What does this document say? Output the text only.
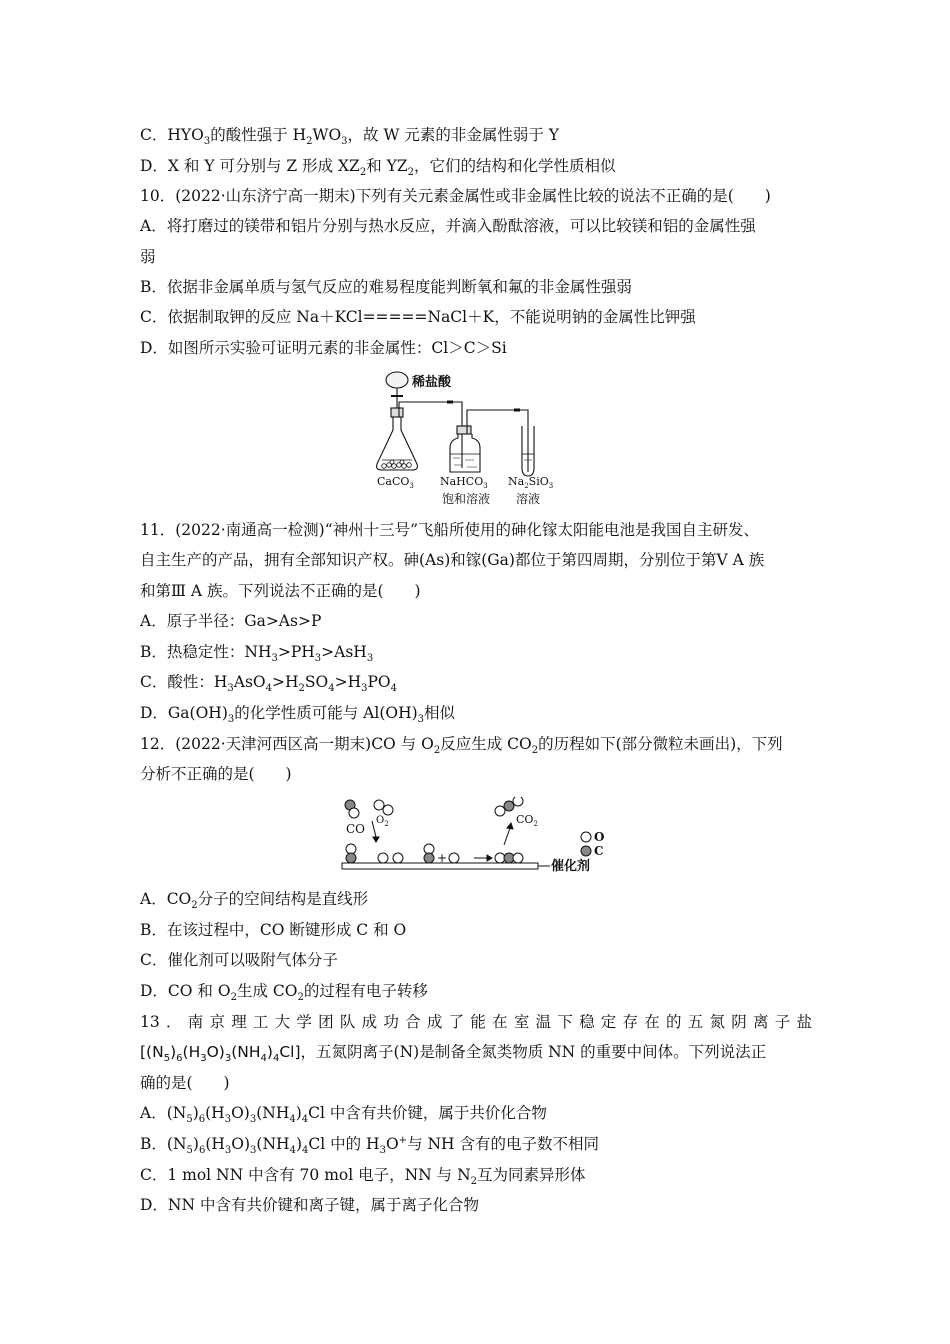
C．$HYO_3$的酸性强于 $H_2WO_3$，故 W 元素的非金属性弱于 Y
D．X 和 Y 可分别与 Z 形成 $XZ_2$和 $YZ_2$，它们的结构和化学性质相似
10．(2022·山东济宁高一期末)下列有关元素金属性或非金属性比较的说法不正确的是(　　)
A．将打磨过的镁带和铝片分别与热水反应，并滴入酚酞溶液，可以比较镁和铝的金属性强
弱
B．依据非金属单质与氢气反应的难易程度能判断氧和氟的非金属性强弱
C．依据制取钾的反应 Na＋KCl=====NaCl＋K，不能说明钠的金属性比钾强
D．如图所示实验可证明元素的非金属性：Cl＞C＞Si
稀盐酸
CaCO$_3$ NaHCO$_3$
饱和溶液
$Na_2SiO_3$
溶液
11．(2022·南通高一检测)“神州十三号”飞船所使用的砷化镓太阳能电池是我国自主研发、
自主生产的产品，拥有全部知识产权。砷(As)和镓(Ga)都位于第四周期，分别位于第Ⅴ A 族
和第Ⅲ A 族。下列说法不正确的是(　　)
A．原子半径：Ga>As>P
B．热稳定性：$NH_3>PH_3>AsH_3$
C．酸性：$H_3AsO_4>H_2SO_4>H_3PO_4$
D．$Ga(OH)_3$的化学性质可能与 $Al(OH)_3$相似
12．(2022·天津河西区高一期末)CO 与 $O_2$反应生成 $CO_2$的历程如下(部分微粒未画出)，下列
分析不正确的是(　　)
CO
$O_2$	$CO_2$
+
催化剂
O
C
A．$CO_2$分子的空间结构是直线形
B．在该过程中，CO 断键形成 C 和 O
C．催化剂可以吸附气体分子
D．CO 和 $O_2$生成 $CO_2$的过程有电子转移
13．南京理工大学团队成功合成了能在室温下稳定存在的五氮阴离子盐
$[(N_5)_6(H_3O)_3(NH_4)_4Cl]$，五氮阴离子(N)是制备全氮类物质 NN 的重要中间体。下列说法正
确的是(　　)
A．$(N_5)_6(H_3O)_3(NH_4)_4Cl$ 中含有共价键，属于共价化合物
B．$(N_5)_6(H_3O)_3(NH_4)_4Cl$ 中的 $H_3O^+$与 NH 含有的电子数不相同
C．1 mol NN 中含有 70 mol 电子，NN 与 $N_2$互为同素异形体
D．NN 中含有共价键和离子键，属于离子化合物
